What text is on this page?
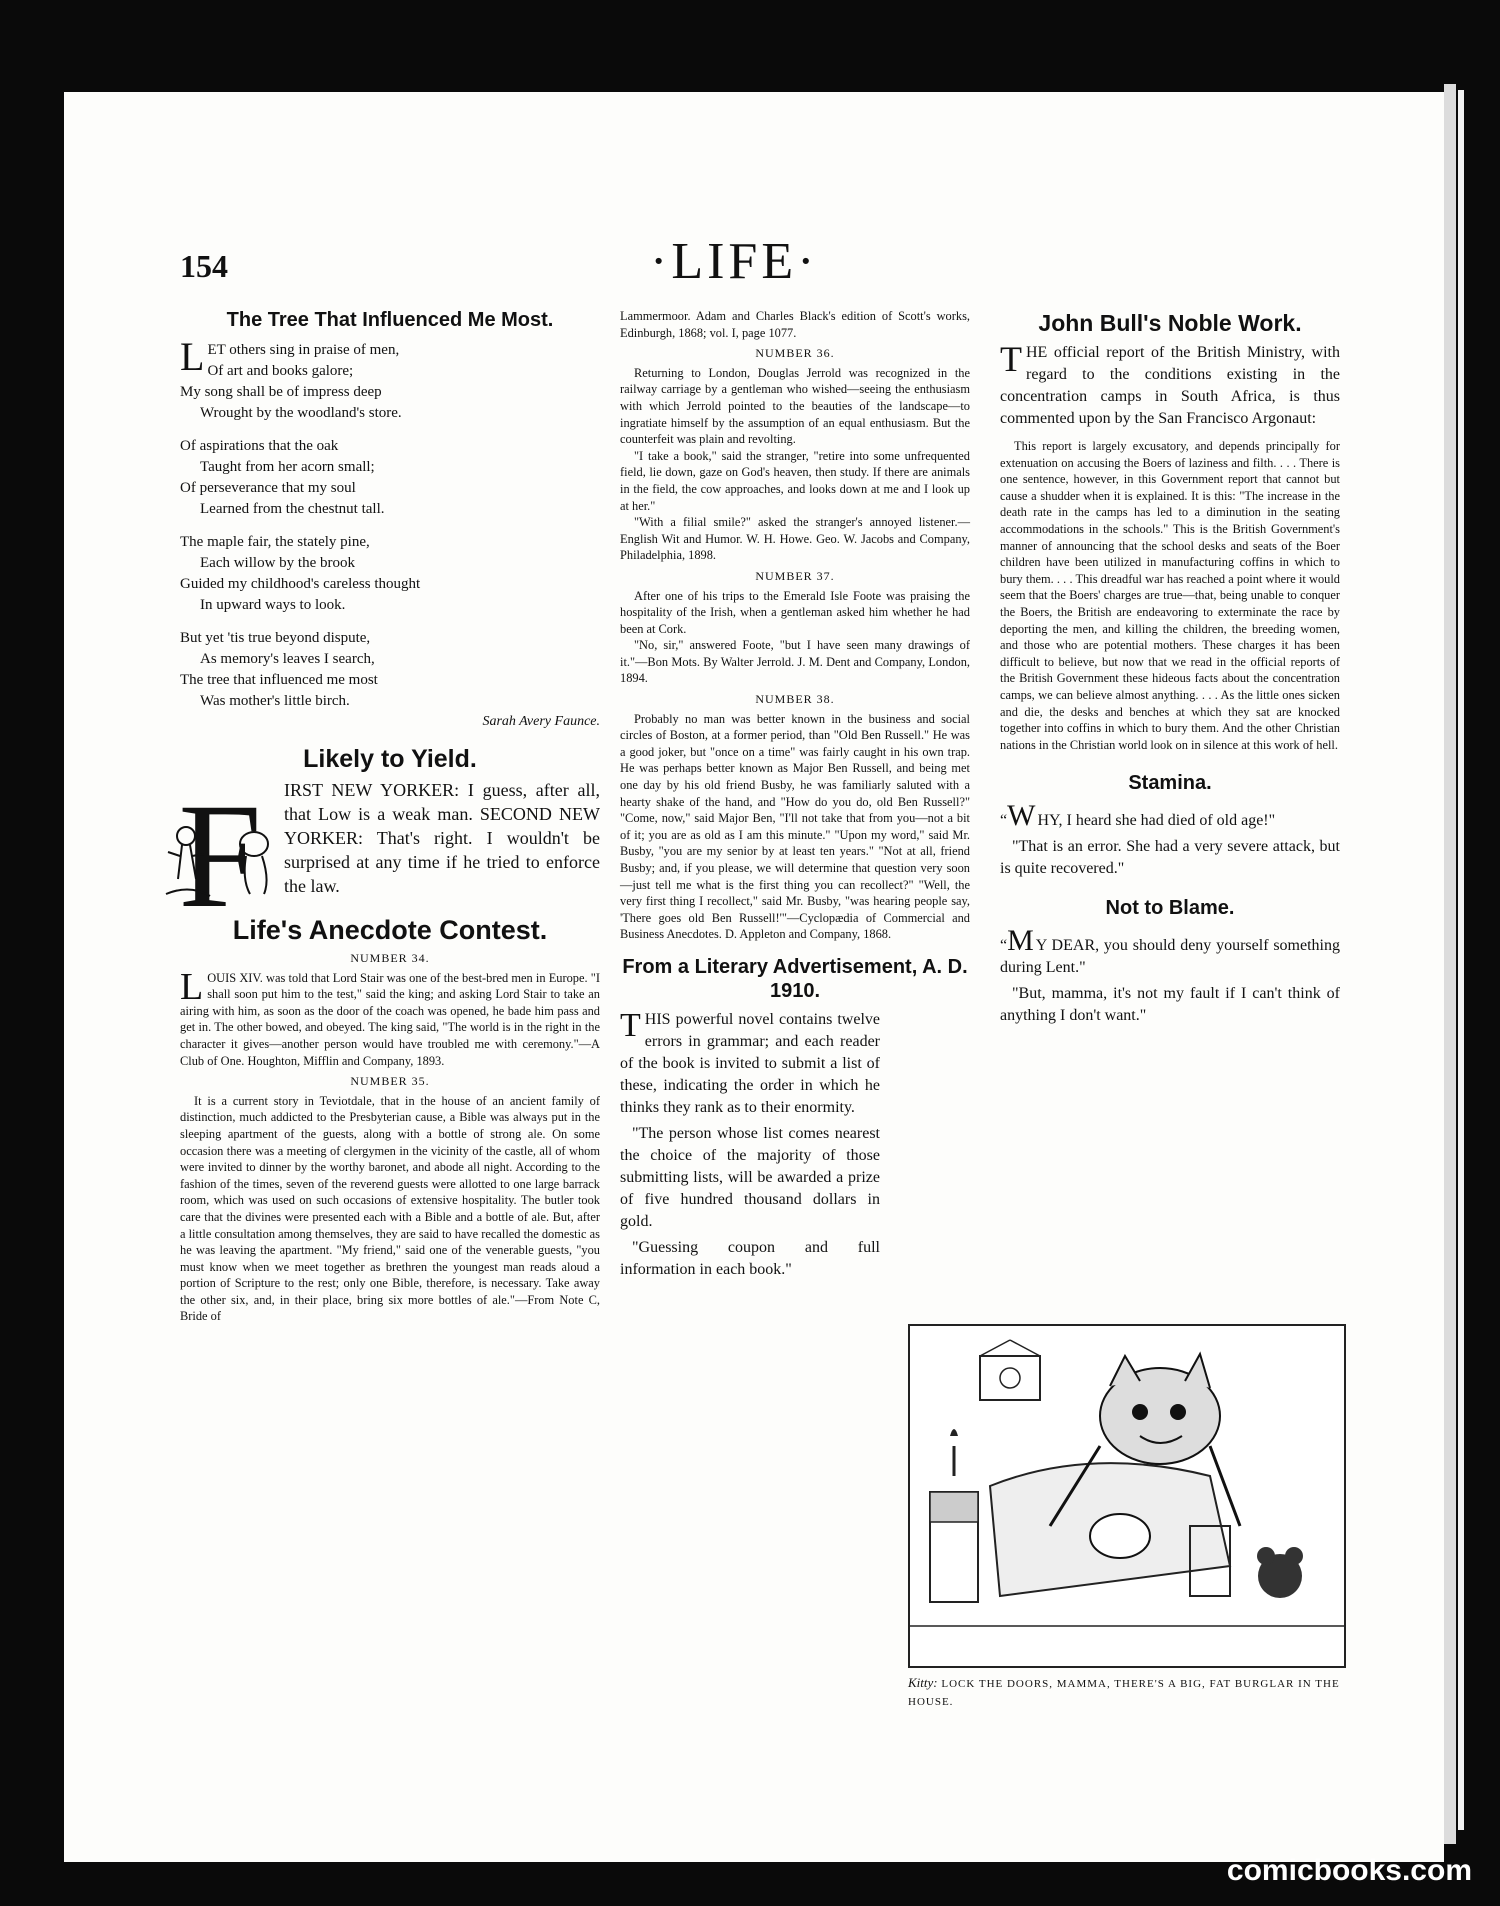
154	·LIFE·
The Tree That Influenced Me Most.
L ET others sing in praise of men,
Of art and books galore;
My song shall be of impress deep
Wrought by the woodland's store.
Of aspirations that the oak
Taught from her acorn small;
Of perseverance that my soul
Learned from the chestnut tall.
The maple fair, the stately pine,
Each willow by the brook
Guided my childhood's careless thought
In upward ways to look.
But yet 'tis true beyond dispute,
As memory's leaves I search,
The tree that influenced me most
Was mother's little birch.
Sarah Avery Faunce.
Likely to Yield.
F IRST NEW YORKER: I guess, after all, that Low is a weak man. SECOND NEW YORKER: That's right. I wouldn't be surprised at any time if he tried to enforce the law.
Life's Anecdote Contest.
NUMBER 34.

LOUIS XIV. was told that Lord Stair was one of the best-bred men in Europe. "I shall soon put him to the test," said the king; and asking Lord Stair to take an airing with him, as soon as the door of the coach was opened, he bade him pass and get in. The other bowed, and obeyed. The king said, "The world is in the right in the character it gives—another person would have troubled me with ceremony."—A Club of One. Houghton, Mifflin and Company, 1893.

NUMBER 35.

It is a current story in Teviotdale, that in the house of an ancient family of distinction, much addicted to the Presbyterian cause, a Bible was always put in the sleeping apartment of the guests, along with a bottle of strong ale. On some occasion there was a meeting of clergymen in the vicinity of the castle, all of whom were invited to dinner by the worthy baronet, and abode all night. According to the fashion of the times, seven of the reverend guests were allotted to one large barrack room, which was used on such occasions of extensive hospitality. The butler took care that the divines were presented each with a Bible and a bottle of ale. But, after a little consultation among themselves, they are said to have recalled the domestic as he was leaving the apartment. "My friend," said one of the venerable guests, "you must know when we meet together as brethren the youngest man reads aloud a portion of Scripture to the rest; only one Bible, therefore, is necessary. Take away the other six, and, in their place, bring six more bottles of ale."—From Note C, Bride of

Lammermoor. Adam and Charles Black's edition of Scott's works, Edinburgh, 1868; vol. I, page 1077.

NUMBER 36.

Returning to London, Douglas Jerrold was recognized in the railway carriage by a gentleman who wished—seeing the enthusiasm with which Jerrold pointed to the beauties of the landscape—to ingratiate himself by the assumption of an equal enthusiasm. But the counterfeit was plain and revolting.

"I take a book," said the stranger, "retire into some unfrequented field, lie down, gaze on God's heaven, then study. If there are animals in the field, the cow approaches, and looks down at me and I look up at her."

"With a filial smile?" asked the stranger's annoyed listener.—English Wit and Humor. W. H. Howe. Geo. W. Jacobs and Company, Philadelphia, 1898.

NUMBER 37.

After one of his trips to the Emerald Isle Foote was praising the hospitality of the Irish, when a gentleman asked him whether he had been at Cork.

"No, sir," answered Foote, "but I have seen many drawings of it."—Bon Mots. By Walter Jerrold. J. M. Dent and Company, London, 1894.

NUMBER 38.

Probably no man was better known in the business and social circles of Boston, at a former period, than "Old Ben Russell." He was a good joker, but "once on a time" was fairly caught in his own trap. He was perhaps better known as Major Ben Russell, and being met one day by his old friend Busby, he was familiarly saluted with a hearty shake of the hand, and "How do you do, old Ben Russell?" "Come, now," said Major Ben, "I'll not take that from you—not a bit of it; you are as old as I am this minute." "Upon my word," said Mr. Busby, "you are my senior by at least ten years." "Not at all, friend Busby; and, if you please, we will determine that question very soon—just tell me what is the first thing you can recollect?" "Well, the very first thing I recollect," said Mr. Busby, "was hearing people say, 'There goes old Ben Russell!'"—Cyclopædia of Commercial and Business Anecdotes. D. Appleton and Company, 1868.

From a Literary Advertisement, A. D. 1910.

THIS powerful novel contains twelve errors in grammar; and each reader of the book is invited to submit a list of these, indicating the order in which he thinks they rank as to their enormity.

"The person whose list comes nearest the choice of the majority of those submitting lists, will be awarded a prize of five hundred thousand dollars in gold.

"Guessing coupon and full information in each book."

John Bull's Noble Work.
THE official report of the British Ministry, with regard to the conditions existing in the concentration camps in South Africa, is thus commented upon by the San Francisco Argonaut:

This report is largely excusatory, and depends principally for extenuation on accusing the Boers of laziness and filth. . . . There is one sentence, however, in this Government report that cannot but cause a shudder when it is explained. It is this: "The increase in the death rate in the camps has led to a diminution in the seating accommodations in the schools." This is the British Government's manner of announcing that the school desks and seats of the Boer children have been utilized in manufacturing coffins in which to bury them. . . . This dreadful war has reached a point where it would seem that the Boers' charges are true—that, being unable to conquer the Boers, the British are endeavoring to exterminate the race by deporting the men, and killing the children, the breeding women, and those who are potential mothers. These charges it has been difficult to believe, but now that we read in the official reports of the British Government these hideous facts about the concentration camps, we can believe almost anything. . . . As the little ones sicken and die, the desks and benches at which they sat are knocked together into coffins in which to bury them. And the other Christian nations in the Christian world look on in silence at this work of hell.

Stamina.

“W HY, I heard she had died of old age!"

"That is an error. She had a very severe attack, but is quite recovered."

Not to Blame.

“M Y DEAR, you should deny yourself something during Lent."

"But, mamma, it's not my fault if I can't think of anything I don't want."

Kitty: LOCK THE DOORS, MAMMA, THERE'S A BIG, FAT BURGLAR IN THE HOUSE.
comicbooks.com
